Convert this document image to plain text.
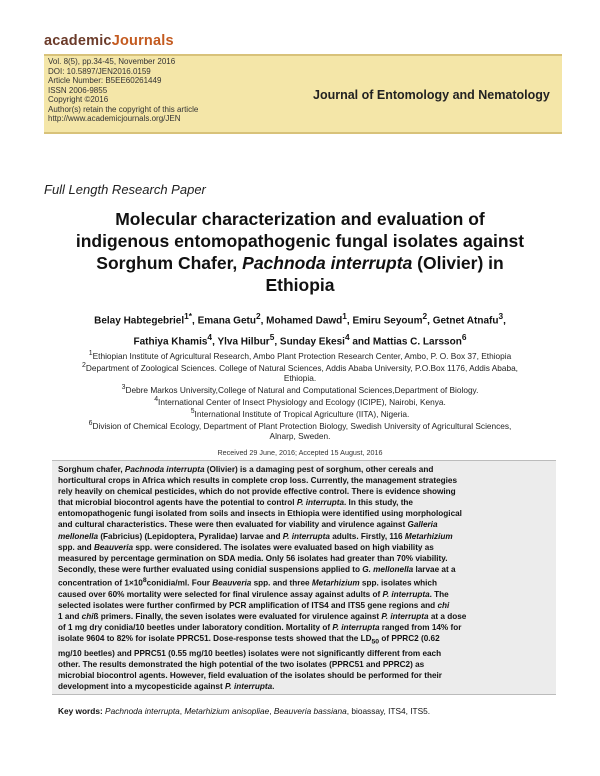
academicJournals
Vol. 8(5), pp.34-45, November 2016
DOI: 10.5897/JEN2016.0159
Article Number: B5EE60261449
ISSN 2006-9855
Copyright ©2016
Author(s) retain the copyright of this article
http://www.academicjournals.org/JEN
Journal of Entomology and Nematology
Full Length Research Paper
Molecular characterization and evaluation of
indigenous entomopathogenic fungal isolates against
Sorghum Chafer, Pachnoda interrupta (Olivier) in
Ethiopia
Belay Habtegebriel$^{1*}$, Emana Getu$^2$, Mohamed Dawd$^1$, Emiru Seyoum$^2$, Getnet Atnafu$^3$,
Fathiya Khamis$^4$, Ylva Hilbur$^5$, Sunday Ekesi$^4$ and Mattias C. Larsson$^6$
$^1$Ethiopian Institute of Agricultural Research, Ambo Plant Protection Research Center, Ambo, P. O. Box 37, Ethiopia
$^2$Department of Zoological Sciences. College of Natural Sciences, Addis Ababa University, P.O.Box 1176, Addis Ababa,
Ethiopia.
$^3$Debre Markos University,College of Natural and Computational Sciences,Department of Biology.
$^4$International Center of Insect Physiology and Ecology (ICIPE), Nairobi, Kenya.
$^5$International Institute of Tropical Agriculture (IITA), Nigeria.
$^6$Division of Chemical Ecology, Department of Plant Protection Biology, Swedish University of Agricultural Sciences,
Alnarp, Sweden.
Received 29 June, 2016; Accepted 15 August, 2016
Sorghum chafer, Pachnoda interrupta (Olivier) is a damaging pest of sorghum, other cereals and
horticultural crops in Africa which results in complete crop loss. Currently, the management strategies
rely heavily on chemical pesticides, which do not provide effective control. There is evidence showing
that microbial biocontrol agents have the potential to control P. interrupta. In this study, the
entomopathogenic fungi isolated from soils and insects in Ethiopia were identified using morphological
and cultural characteristics. These were then evaluated for viability and virulence against Galleria
mellonella (Fabricius) (Lepidoptera, Pyralidae) larvae and P. interrupta adults. Firstly, 116 Metarhizium
spp. and Beauveria spp. were considered. The isolates were evaluated based on high viability as
measured by percentage germination on SDA media. Only 56 isolates had greater than 70% viability.
Secondly, these were further evaluated using conidial suspensions applied to G. mellonella larvae at a
concentration of $1\times 10^8conidia/ml$. Four Beauveria spp. and three Metarhizium spp. isolates which
caused over 60% mortality were selected for final virulence assay against adults of P. interrupta. The
selected isolates were further confirmed by PCR amplification of ITS4 and ITS5 gene regions and chi
1 and chiß primers. Finally, the seven isolates were evaluated for virulence against P. interrupta at a dose
of 1 mg dry conidia/10 beetles under laboratory condition. Mortality of P. interrupta ranged from 14% for
isolate 9604 to 82% for isolate PPRC51. Dose-response tests showed that the $LD_{50}$ of PPRC2 (0.62
mg/10 beetles) and PPRC51 (0.55 mg/10 beetles) isolates were not significantly different from each
other. The results demonstrated the high potential of the two isolates (PPRC51 and PPRC2) as
microbial biocontrol agents. However, field evaluation of the isolates should be performed for their
development into a mycopesticide against P. interrupta.
Key words: Pachnoda interrupta, Metarhizium anisopliae, Beauveria bassiana, bioassay, ITS4, ITS5.
